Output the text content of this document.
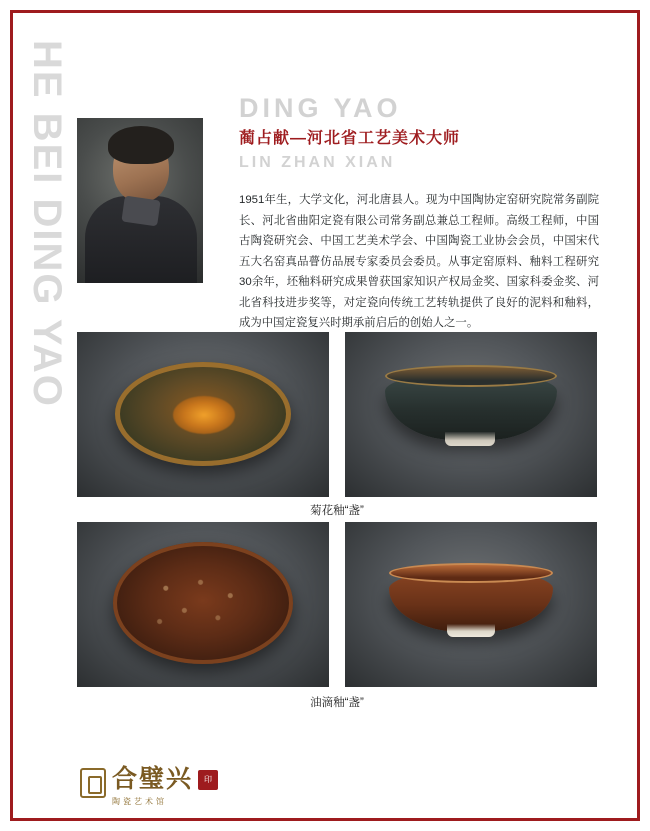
HE BEI DING YAO	DING YAO
蔺占献—河北省工艺美术大师
LIN ZHAN XIAN
1951年生，大学文化，河北唐县人。现为中国陶协定窑研究院常务副院长、河北省曲阳定瓷有限公司常务副总兼总工程师。高级工程师，中国古陶瓷研究会、中国工艺美术学会、中国陶瓷工业协会会员，中国宋代五大名窑真品瞢仿品展专家委员会委员。从事定窑原料、釉料工程研究30余年，坯釉料研究成果曾获国家知识产权局金奖、国家科委金奖、河北省科技进步奖等，对定瓷向传统工艺转轨提供了良好的泥料和釉料，成为中国定瓷复兴时期承前启后的创始人之一。
菊花釉“盏”
油滴釉“盏”
合璧兴	印
陶瓷艺术馆
